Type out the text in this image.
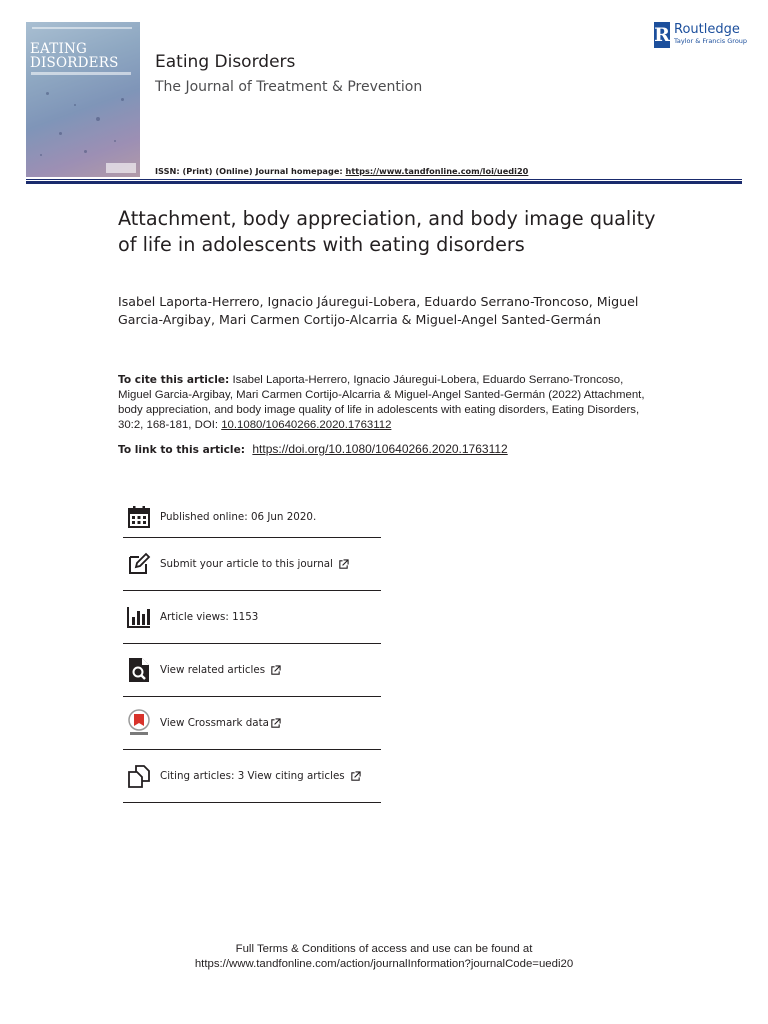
EATING
DISORDERS	Eating Disorders
The Journal of Treatment & Prevention
R Routledge
Taylor & Francis Group
ISSN: (Print) (Online) Journal homepage: https://www.tandfonline.com/loi/uedi20
Attachment, body appreciation, and body image quality of life in adolescents with eating disorders
Isabel Laporta-Herrero, Ignacio Jáuregui-Lobera, Eduardo Serrano-Troncoso, Miguel Garcia-Argibay, Mari Carmen Cortijo-Alcarria & Miguel-Angel Santed-Germán
To cite this article: Isabel Laporta-Herrero, Ignacio Jáuregui-Lobera, Eduardo Serrano-Troncoso, Miguel Garcia-Argibay, Mari Carmen Cortijo-Alcarria & Miguel-Angel Santed-Germán (2022) Attachment, body appreciation, and body image quality of life in adolescents with eating disorders, Eating Disorders, 30:2, 168-181, DOI: 10.1080/10640266.2020.1763112
To link to this article: https://doi.org/10.1080/10640266.2020.1763112
Published online: 06 Jun 2020.
Submit your article to this journal
Article views: 1153
View related articles
View Crossmark data
Citing articles: 3 View citing articles
Full Terms & Conditions of access and use can be found at
https://www.tandfonline.com/action/journalInformation?journalCode=uedi20
